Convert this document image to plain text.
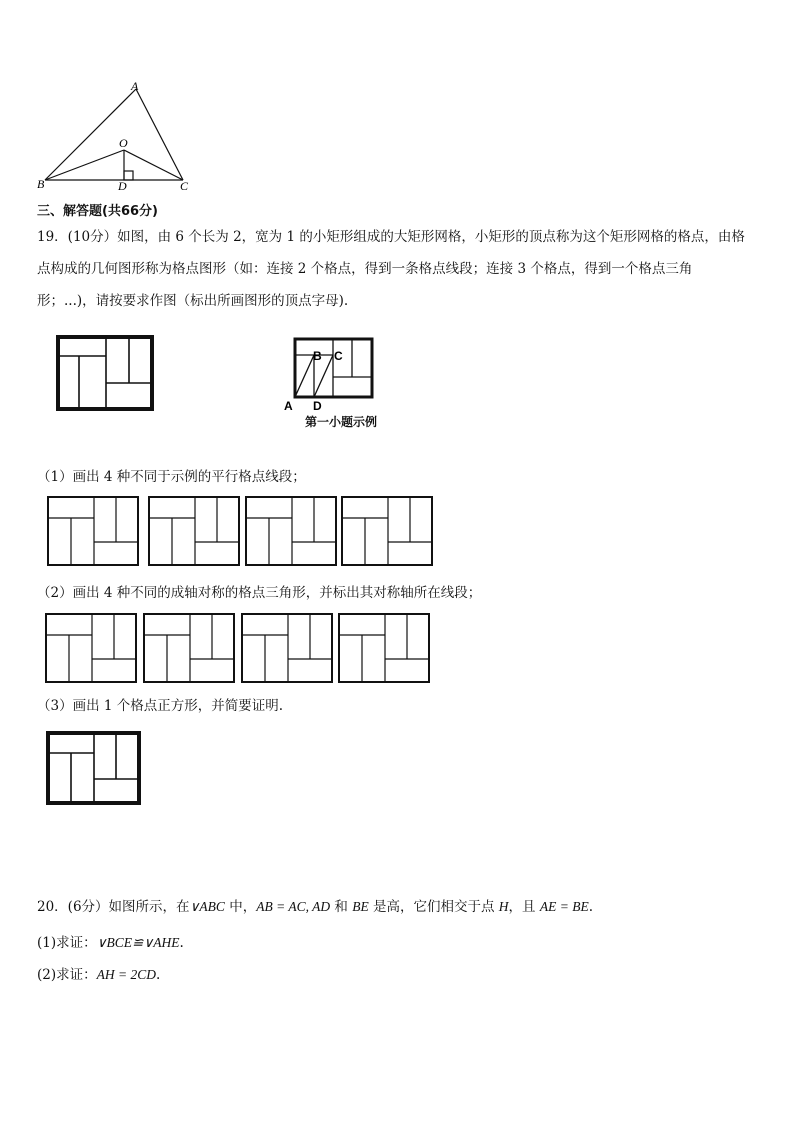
A
O
B	D	C
三、解答题(共66分)
19．(10分）如图，由 6 个长为 2，宽为 1 的小矩形组成的大矩形网格，小矩形的顶点称为这个矩形网格的格点，由格
点构成的几何图形称为格点图形（如：连接 2 个格点，得到一条格点线段；连接 3 个格点，得到一个格点三角
形；...)，请按要求作图（标出所画图形的顶点字母).
B C
A D
第一小题示例
（1）画出 4 种不同于示例的平行格点线段；
（2）画出 4 种不同的成轴对称的格点三角形，并标出其对称轴所在线段；
（3）画出 1 个格点正方形，并简要证明.
20．(6分）如图所示，在∨ABC 中，AB = AC, AD 和 BE 是高，它们相交于点 H，且 AE = BE.
(1)求证：∨BCE≌∨AHE.
(2)求证：AH = 2CD.
